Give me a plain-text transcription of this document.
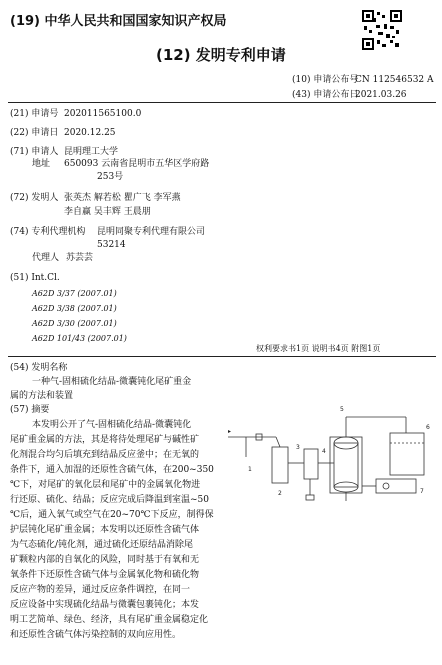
(19) 中华人民共和国国家知识产权局
(12) 发明专利申请
(10) 申请公布号
CN 112546532 A
(43) 申请公布日
2021.03.26
(21) 申请号 202011565100.0
(22) 申请日 2020.12.25
(71) 申请人 昆明理工大学
地址 650093 云南省昆明市五华区学府路
253号
(72) 发明人 张英杰 解若松 瞿广飞 李军燕
李自赢 吴丰辉 王晨朋
(74) 专利代理机构 昆明同聚专利代理有限公司
53214
代理人 苏芸芸
(51) Int.Cl.
A62D 3/37 (2007.01)
A62D 3/38 (2007.01)
A62D 3/30 (2007.01)
A62D 101/43 (2007.01)
权利要求书1页 说明书4页 附图1页
(54) 发明名称
一种气-固相硫化结晶-微囊钝化尾矿重金
属的方法和装置
(57) 摘要
本发明公开了气-固相硫化结晶-微囊钝化
尾矿重金属的方法，其是将待处理尾矿与碱性矿
化剂混合均匀后填充到结晶反应釜中；在无氧的
条件下，通入加湿的还原性含硫气体，在200~350
℃下，对尾矿的氧化层和尾矿中的金属氧化物进
行还原、硫化、结晶；反应完成后降温到室温~50
℃后，通入氧气或空气在20~70℃下反应，制得保
护层钝化尾矿重金属；本发明以还原性含硫气体
为气态硫化/钝化剂，通过硫化还原结晶消除尾
矿颗粒内部的自氧化的风险，同时基于有氧和无
氧条件下还原性含硫气体与金属氧化物和硫化物
反应产物的差异，通过反应条件调控，在同一
反应设备中实现硫化结晶与微囊包裹钝化；本发
明工艺简单、绿色、经济，具有尾矿重金属稳定化
和还原性含硫气体污染控制的双向应用性。
▸
1
2
3
4
5
6
7
